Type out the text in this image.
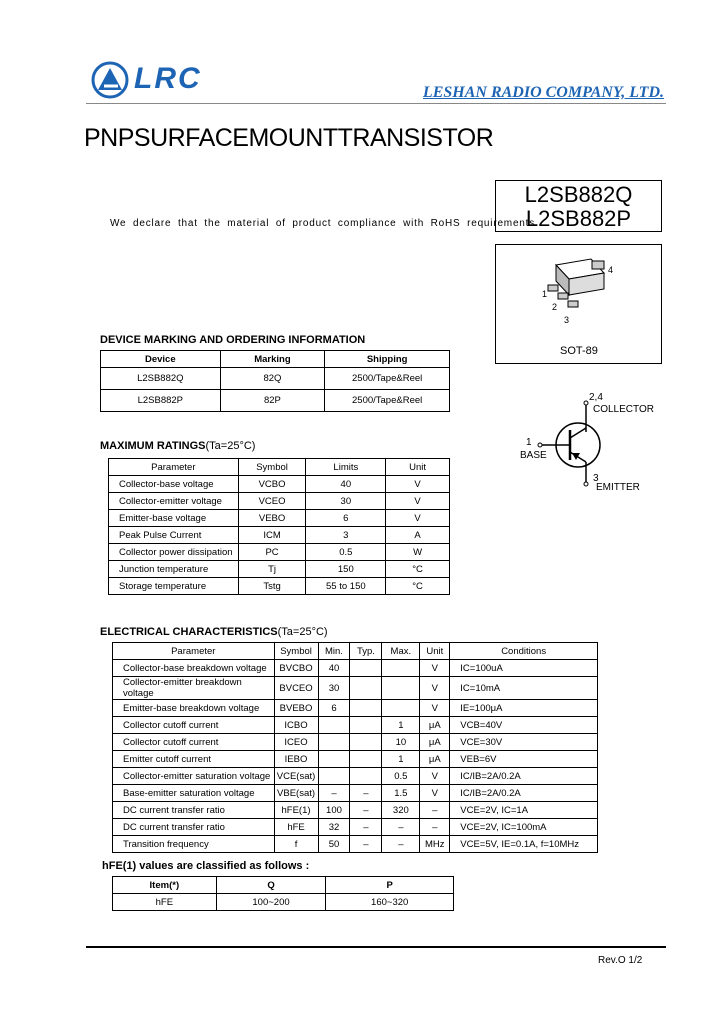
LRC	LESHAN RADIO COMPANY, LTD.
PNPSURFACEMOUNTTRANSISTOR
L2SB882Q
L2SB882P
We declare that the material of product compliance with RoHS requirements.
4
1
2
3
SOT-89
2,4
COLLECTOR
1
BASE
3
EMITTER
DEVICE MARKING AND ORDERING INFORMATION
Device	Marking	Shipping
L2SB882Q	82Q	2500/Tape&Reel
L2SB882P	82P	2500/Tape&Reel
MAXIMUM RATINGS(Ta=25°C)
Parameter	Symbol	Limits	Unit
Collector-base voltage	VCBO	40	V
Collector-emitter voltage	VCEO	30	V
Emitter-base voltage	VEBO	6	V
Peak Pulse Current	ICM	3	A
Collector power dissipation	PC	0.5	W
Junction temperature	Tj	150	°C
Storage temperature	Tstg	55 to 150	°C
ELECTRICAL CHARACTERISTICS(Ta=25°C)
Parameter	Symbol	Min.	Typ.	Max.	Unit	Conditions
Collector-base breakdown voltage	BVCBO	40			V	IC=100uA
Collector-emitter breakdown voltage	BVCEO	30			V	IC=10mA
Emitter-base breakdown voltage	BVEBO	6			V	IE=100μA
Collector cutoff current	ICBO			1	μA	VCB=40V
Collector cutoff current	ICEO			10	μA	VCE=30V
Emitter cutoff current	IEBO			1	μA	VEB=6V
Collector-emitter saturation voltage	VCE(sat)			0.5	V	IC/IB=2A/0.2A
Base-emitter saturation voltage	VBE(sat)	–	–	1.5	V	IC/IB=2A/0.2A
DC current transfer ratio	hFE(1)	100	–	320	–	VCE=2V, IC=1A
DC current transfer ratio	hFE	32	–	–	–	VCE=2V, IC=100mA
Transition frequency	f	50	–	–	MHz	VCE=5V, IE=0.1A, f=10MHz
hFE(1) values are classified as follows :
Item(*)	Q	P
hFE	100~200	160~320
Rev.O 1/2
